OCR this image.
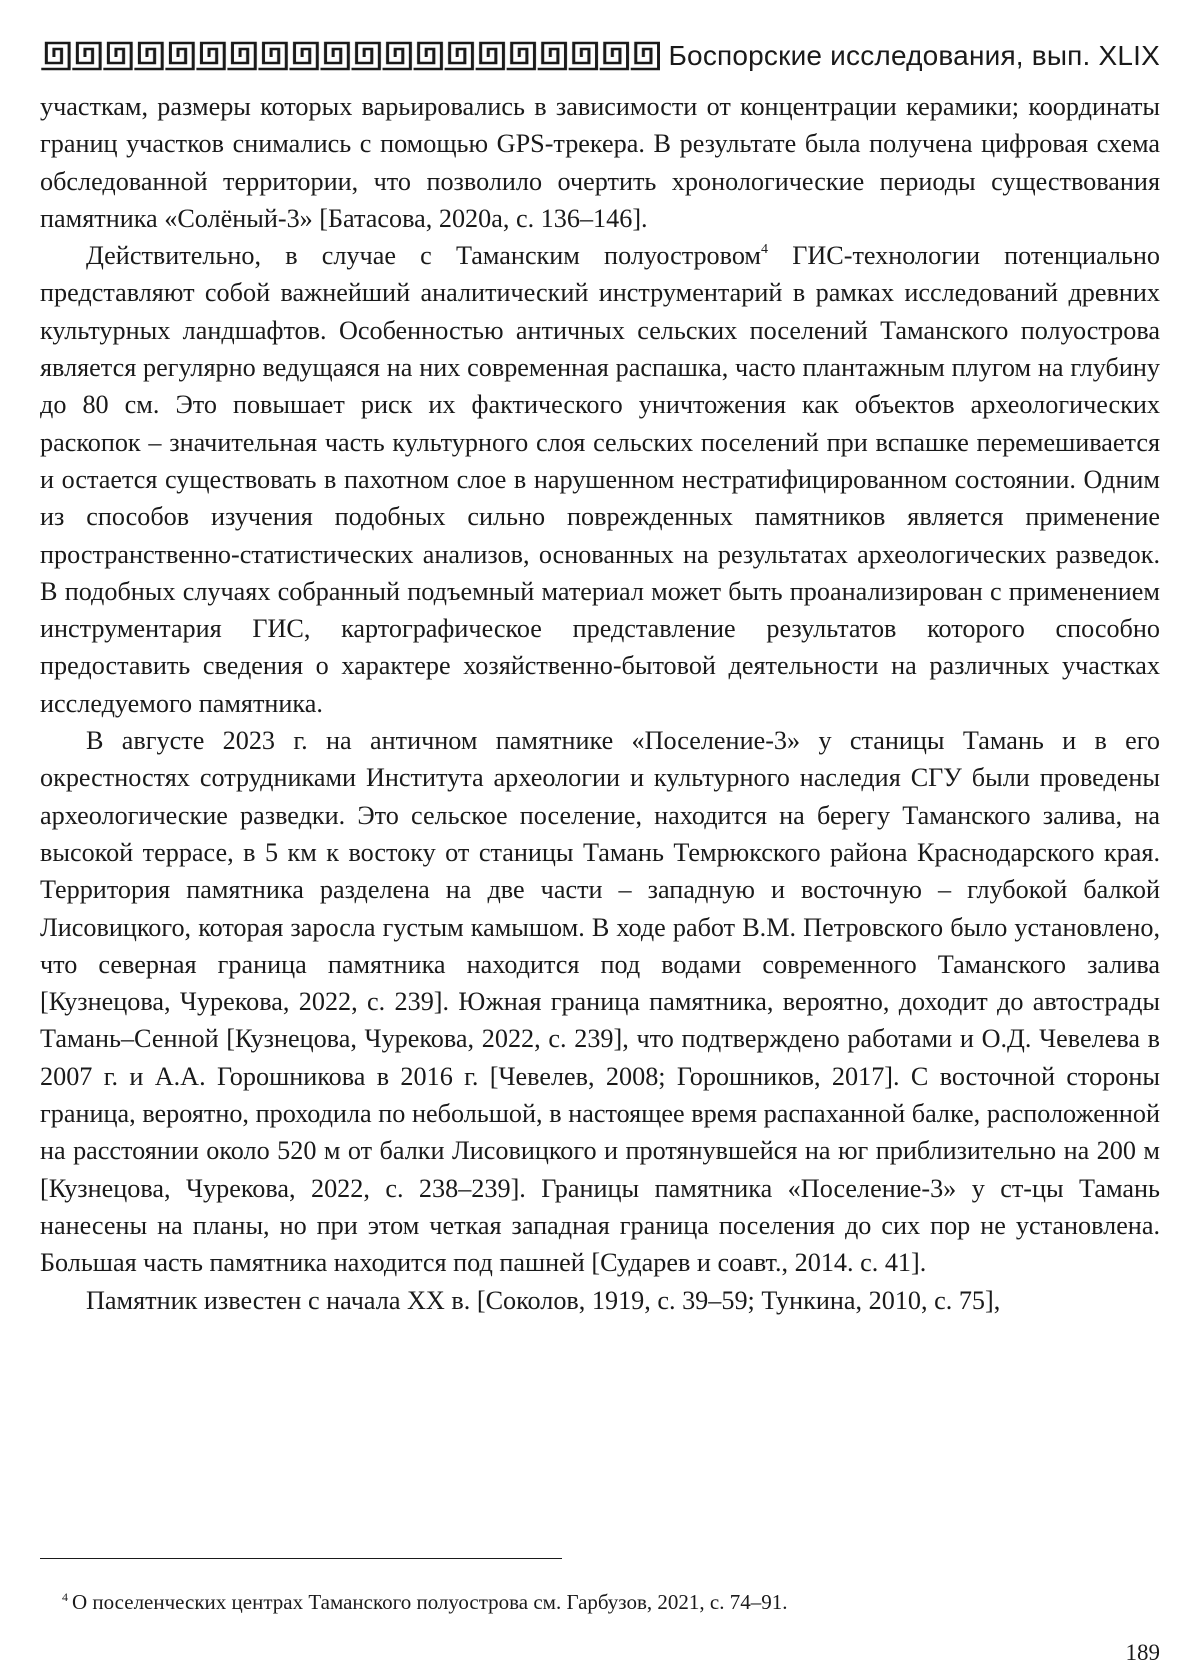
Боспорские исследования, вып. XLIX

участкам, размеры которых варьировались в зависимости от концентрации керамики; координаты границ участков снимались с помощью GPS-трекера. В результате была получена цифровая схема обследованной территории, что позволило очертить хронологические периоды существования памятника «Солёный-3» [Батасова, 2020а, с. 136–146].

Действительно, в случае с Таманским полуостровом$^4$ ГИС-технологии потенциально представляют собой важнейший аналитический инструментарий в рамках исследований древних культурных ландшафтов. Особенностью античных сельских поселений Таманского полуострова является регулярно ведущаяся на них современная распашка, часто плантажным плугом на глубину до 80 см. Это повышает риск их фактического уничтожения как объектов археологических раскопок – значительная часть культурного слоя сельских поселений при вспашке перемешивается и остается существовать в пахотном слое в нарушенном нестратифицированном состоянии. Одним из способов изучения подобных сильно поврежденных памятников является применение пространственно-статистических анализов, основанных на результатах археологических разведок. В подобных случаях собранный подъемный материал может быть проанализирован с применением инструментария ГИС, картографическое представление результатов которого способно предоставить сведения о характере хозяйственно-бытовой деятельности на различных участках исследуемого памятника.

В августе 2023 г. на античном памятнике «Поселение-3» у станицы Тамань и в его окрестностях сотрудниками Института археологии и культурного наследия СГУ были проведены археологические разведки. Это сельское поселение, находится на берегу Таманского залива, на высокой террасе, в 5 км к востоку от станицы Тамань Темрюкского района Краснодарского края. Территория памятника разделена на две части – западную и восточную – глубокой балкой Лисовицкого, которая заросла густым камышом. В ходе работ В.М. Петровского было установлено, что северная граница памятника находится под водами современного Таманского залива [Кузнецова, Чурекова, 2022, с. 239]. Южная граница памятника, вероятно, доходит до автострады Тамань–Сенной [Кузнецова, Чурекова, 2022, с. 239], что подтверждено работами и О.Д. Чевелева в 2007 г. и А.А. Горошникова в 2016 г. [Чевелев, 2008; Горошников, 2017]. С восточной стороны граница, вероятно, проходила по небольшой, в настоящее время распаханной балке, расположенной на расстоянии около 520 м от балки Лисовицкого и протянувшейся на юг приблизительно на 200 м [Кузнецова, Чурекова, 2022, с. 238–239]. Границы памятника «Поселение-3» у ст-цы Тамань нанесены на планы, но при этом четкая западная граница поселения до сих пор не установлена. Большая часть памятника находится под пашней [Сударев и соавт., 2014. с. 41].

Памятник известен с начала XX в. [Соколов, 1919, с. 39–59; Тункина, 2010, с. 75],

$^4$ О поселенческих центрах Таманского полуострова см. Гарбузов, 2021, с. 74–91.
189
